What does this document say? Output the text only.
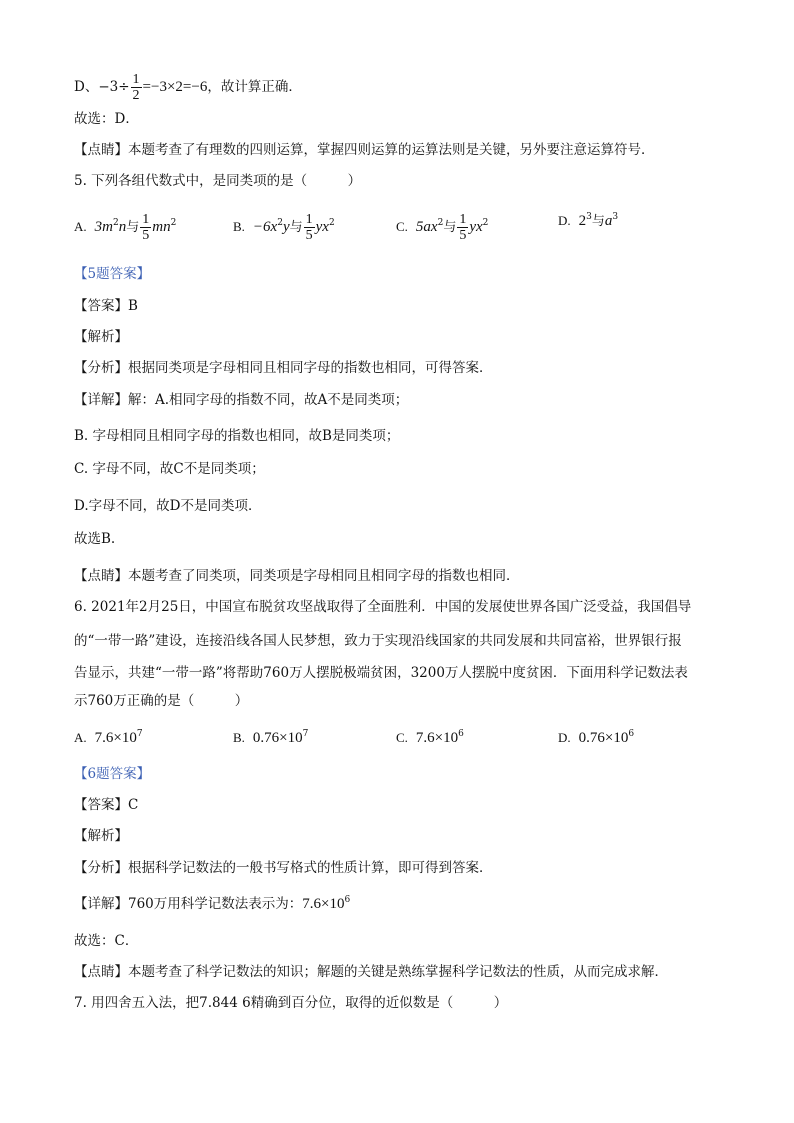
D、$-3\div \frac{1}{2} =-3\times 2=-6$，故计算正确．
故选：D．
【点睛】本题考查了有理数的四则运算，掌握四则运算的运算法则是关键，另外要注意运算符号．
5. 下列各组代数式中，是同类项的是（　　　）
A. $3m^2n$与 $\frac{1}{5} mn^2$	B. $-6x^2y$与 $\frac{1}{5} yx^2$	C. $5ax^2$与 $\frac{1}{5} yx^2$	D. $2^3$与$a^3$
【5题答案】
【答案】B
【解析】
【分析】根据同类项是字母相同且相同字母的指数也相同，可得答案．
【详解】解：A.相同字母的指数不同，故A不是同类项；
B. 字母相同且相同字母的指数也相同，故B是同类项；
C. 字母不同，故C不是同类项；
D.字母不同，故D不是同类项．
故选B.
【点睛】本题考查了同类项，同类项是字母相同且相同字母的指数也相同．
6. 2021年2月25日，中国宣布脱贫攻坚战取得了全面胜利．中国的发展使世界各国广泛受益，我国倡导
的“一带一路”建设，连接沿线各国人民梦想，致力于实现沿线国家的共同发展和共同富裕，世界银行报
告显示，共建“一带一路”将帮助760万人摆脱极端贫困，3200万人摆脱中度贫困．下面用科学记数法表
示760万正确的是（　　　）
A. $7.6\times 10^7$	B. $0.76\times 10^7$	C. $7.6\times 10^6$	D. $0.76\times 10^6$
【6题答案】
【答案】C
【解析】
【分析】根据科学记数法的一般书写格式的性质计算，即可得到答案．
【详解】760万用科学记数法表示为：$7.6\times 10^6$
故选：C．
【点睛】本题考查了科学记数法的知识；解题的关键是熟练掌握科学记数法的性质，从而完成求解．
7. 用四舍五入法，把7.844 6精确到百分位，取得的近似数是（　　　）
